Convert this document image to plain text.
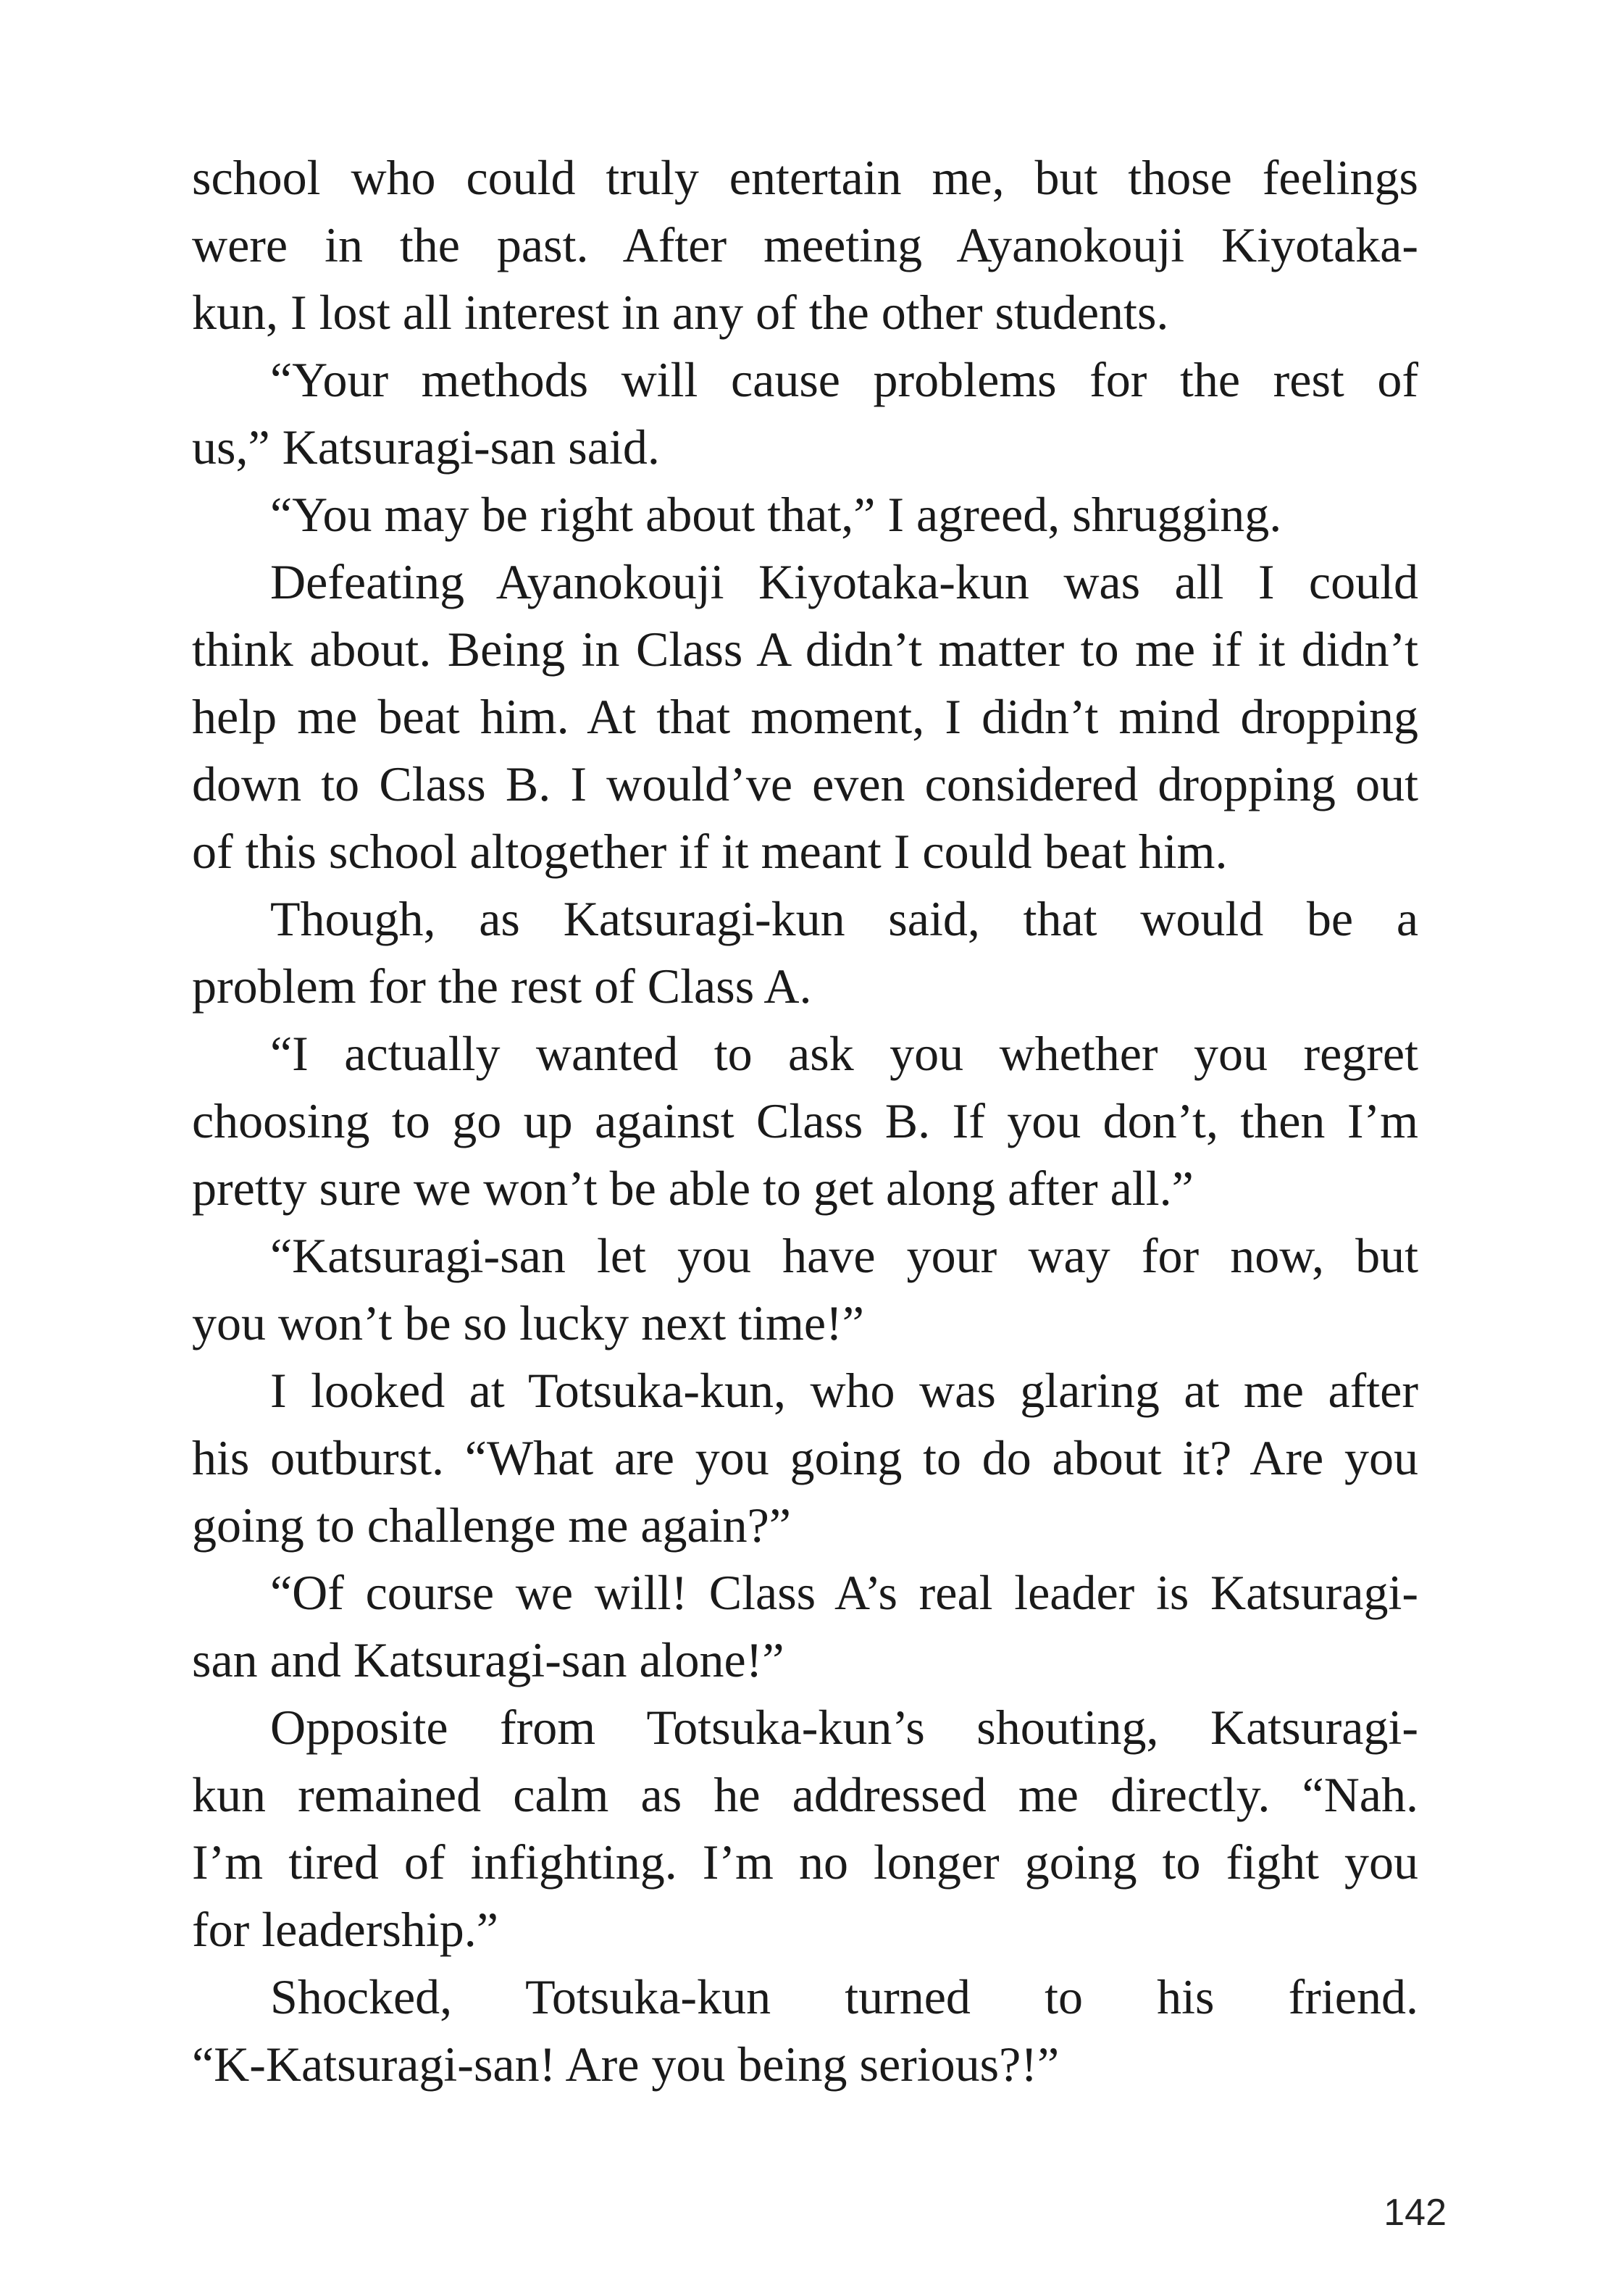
school who could truly entertain me, but those feelings

were in the past. After meeting Ayanokouji Kiyotaka-

kun, I lost all interest in any of the other students.

“Your methods will cause problems for the rest of

us,” Katsuragi-san said.

“You may be right about that,” I agreed, shrugging.

Defeating Ayanokouji Kiyotaka-kun was all I could

think about. Being in Class A didn’t matter to me if it didn’t

help me beat him. At that moment, I didn’t mind dropping

down to Class B. I would’ve even considered dropping out

of this school altogether if it meant I could beat him.

Though, as Katsuragi-kun said, that would be a

problem for the rest of Class A.

“I actually wanted to ask you whether you regret

choosing to go up against Class B. If you don’t, then I’m

pretty sure we won’t be able to get along after all.”

“Katsuragi-san let you have your way for now, but

you won’t be so lucky next time!”

I looked at Totsuka-kun, who was glaring at me after

his outburst. “What are you going to do about it? Are you

going to challenge me again?”

“Of course we will! Class A’s real leader is Katsuragi-

san and Katsuragi-san alone!”

Opposite from Totsuka-kun’s shouting, Katsuragi-

kun remained calm as he addressed me directly. “Nah.

I’m tired of infighting. I’m no longer going to fight you

for leadership.”

Shocked, Totsuka-kun turned to his friend.

“K-Katsuragi-san! Are you being serious?!”

142
